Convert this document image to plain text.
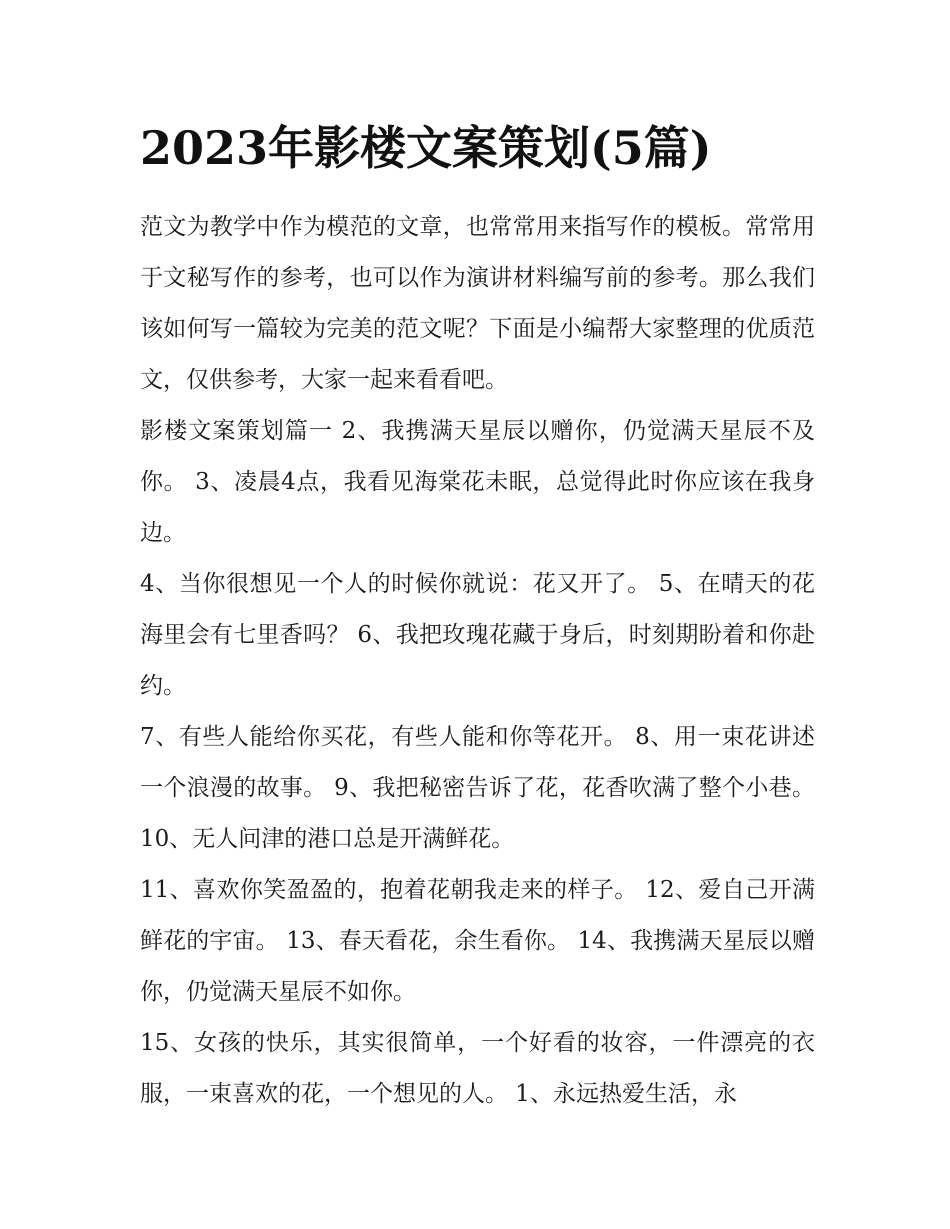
2023年影楼文案策划(5篇)

范文为教学中作为模范的文章，也常常用来指写作的模板。常常用于文秘写作的参考，也可以作为演讲材料编写前的参考。那么我们该如何写一篇较为完美的范文呢？下面是小编帮大家整理的优质范文，仅供参考，大家一起来看看吧。

影楼文案策划篇一 2、我携满天星辰以赠你，仍觉满天星辰不及你。 3、凌晨4点，我看见海棠花未眠，总觉得此时你应该在我身边。

4、当你很想见一个人的时候你就说：花又开了。 5、在晴天的花海里会有七里香吗？ 6、我把玫瑰花藏于身后，时刻期盼着和你赴约。

7、有些人能给你买花，有些人能和你等花开。 8、用一束花讲述一个浪漫的故事。 9、我把秘密告诉了花，花香吹满了整个小巷。 10、无人问津的港口总是开满鲜花。

11、喜欢你笑盈盈的，抱着花朝我走来的样子。 12、爱自己开满鲜花的宇宙。 13、春天看花，余生看你。 14、我携满天星辰以赠你，仍觉满天星辰不如你。

15、女孩的快乐，其实很简单，一个好看的妆容，一件漂亮的衣服，一束喜欢的花，一个想见的人。 1、永远热爱生活，永
